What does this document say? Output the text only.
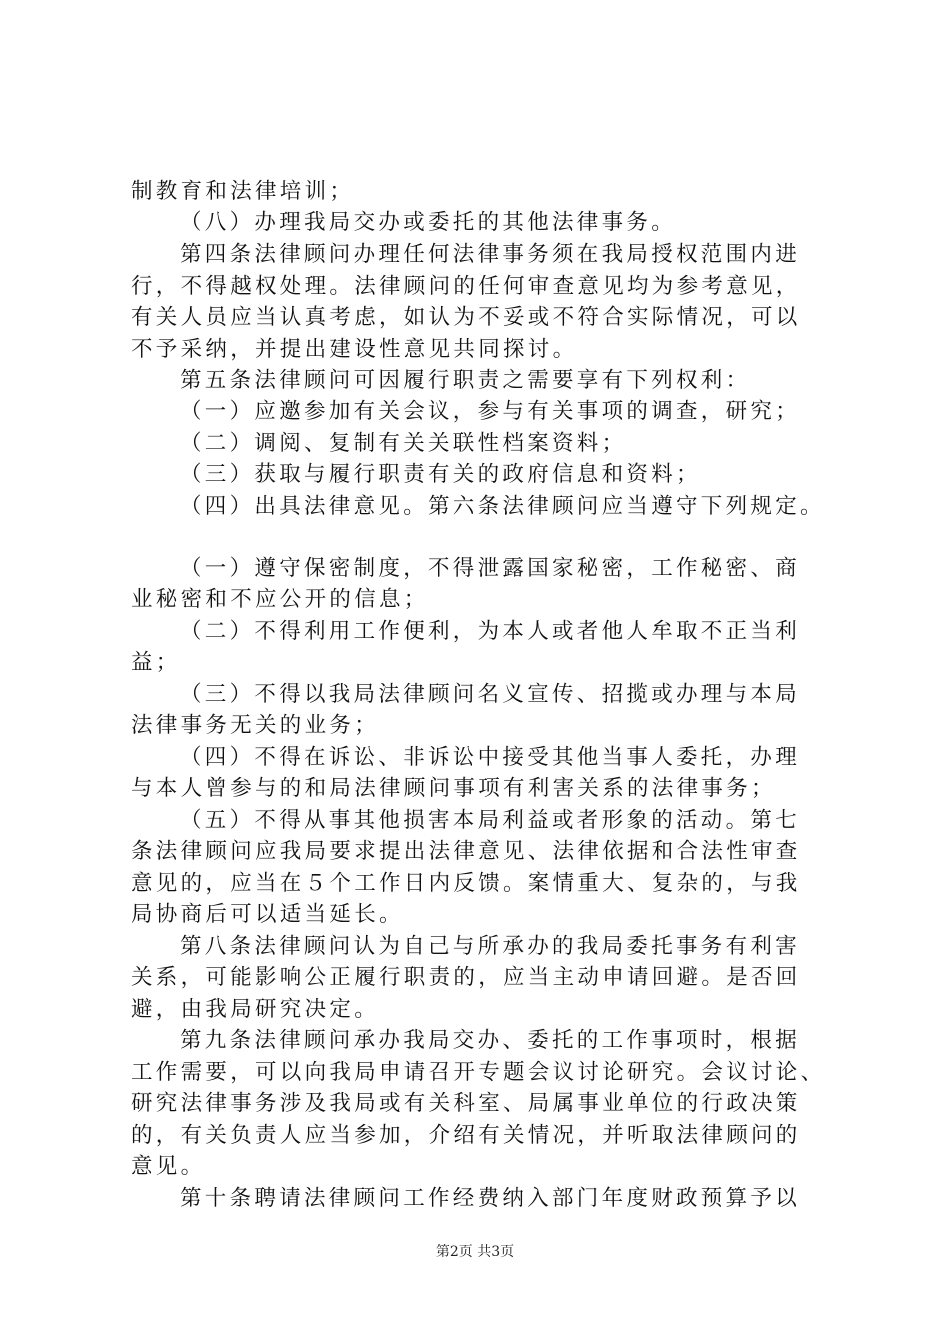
制教育和法律培训；
（八）办理我局交办或委托的其他法律事务。
第四条法律顾问办理任何法律事务须在我局授权范围内进
行，不得越权处理。法律顾问的任何审查意见均为参考意见，
有关人员应当认真考虑，如认为不妥或不符合实际情况，可以
不予采纳，并提出建设性意见共同探讨。
第五条法律顾问可因履行职责之需要享有下列权利：
（一）应邀参加有关会议，参与有关事项的调查，研究；
（二）调阅、复制有关关联性档案资料；
（三）获取与履行职责有关的政府信息和资料；
（四）出具法律意见。第六条法律顾问应当遵守下列规定。
（一）遵守保密制度，不得泄露国家秘密，工作秘密、商
业秘密和不应公开的信息；
（二）不得利用工作便利，为本人或者他人牟取不正当利
益；
（三）不得以我局法律顾问名义宣传、招揽或办理与本局
法律事务无关的业务；
（四）不得在诉讼、非诉讼中接受其他当事人委托，办理
与本人曾参与的和局法律顾问事项有利害关系的法律事务；
（五）不得从事其他损害本局利益或者形象的活动。第七
条法律顾问应我局要求提出法律意见、法律依据和合法性审查
意见的，应当在５个工作日内反馈。案情重大、复杂的，与我
局协商后可以适当延长。
第八条法律顾问认为自己与所承办的我局委托事务有利害
关系，可能影响公正履行职责的，应当主动申请回避。是否回
避，由我局研究决定。
第九条法律顾问承办我局交办、委托的工作事项时，根据
工作需要，可以向我局申请召开专题会议讨论研究。会议讨论、
研究法律事务涉及我局或有关科室、局属事业单位的行政决策
的，有关负责人应当参加，介绍有关情况，并听取法律顾问的
意见。
第十条聘请法律顾问工作经费纳入部门年度财政预算予以
第2页 共3页
